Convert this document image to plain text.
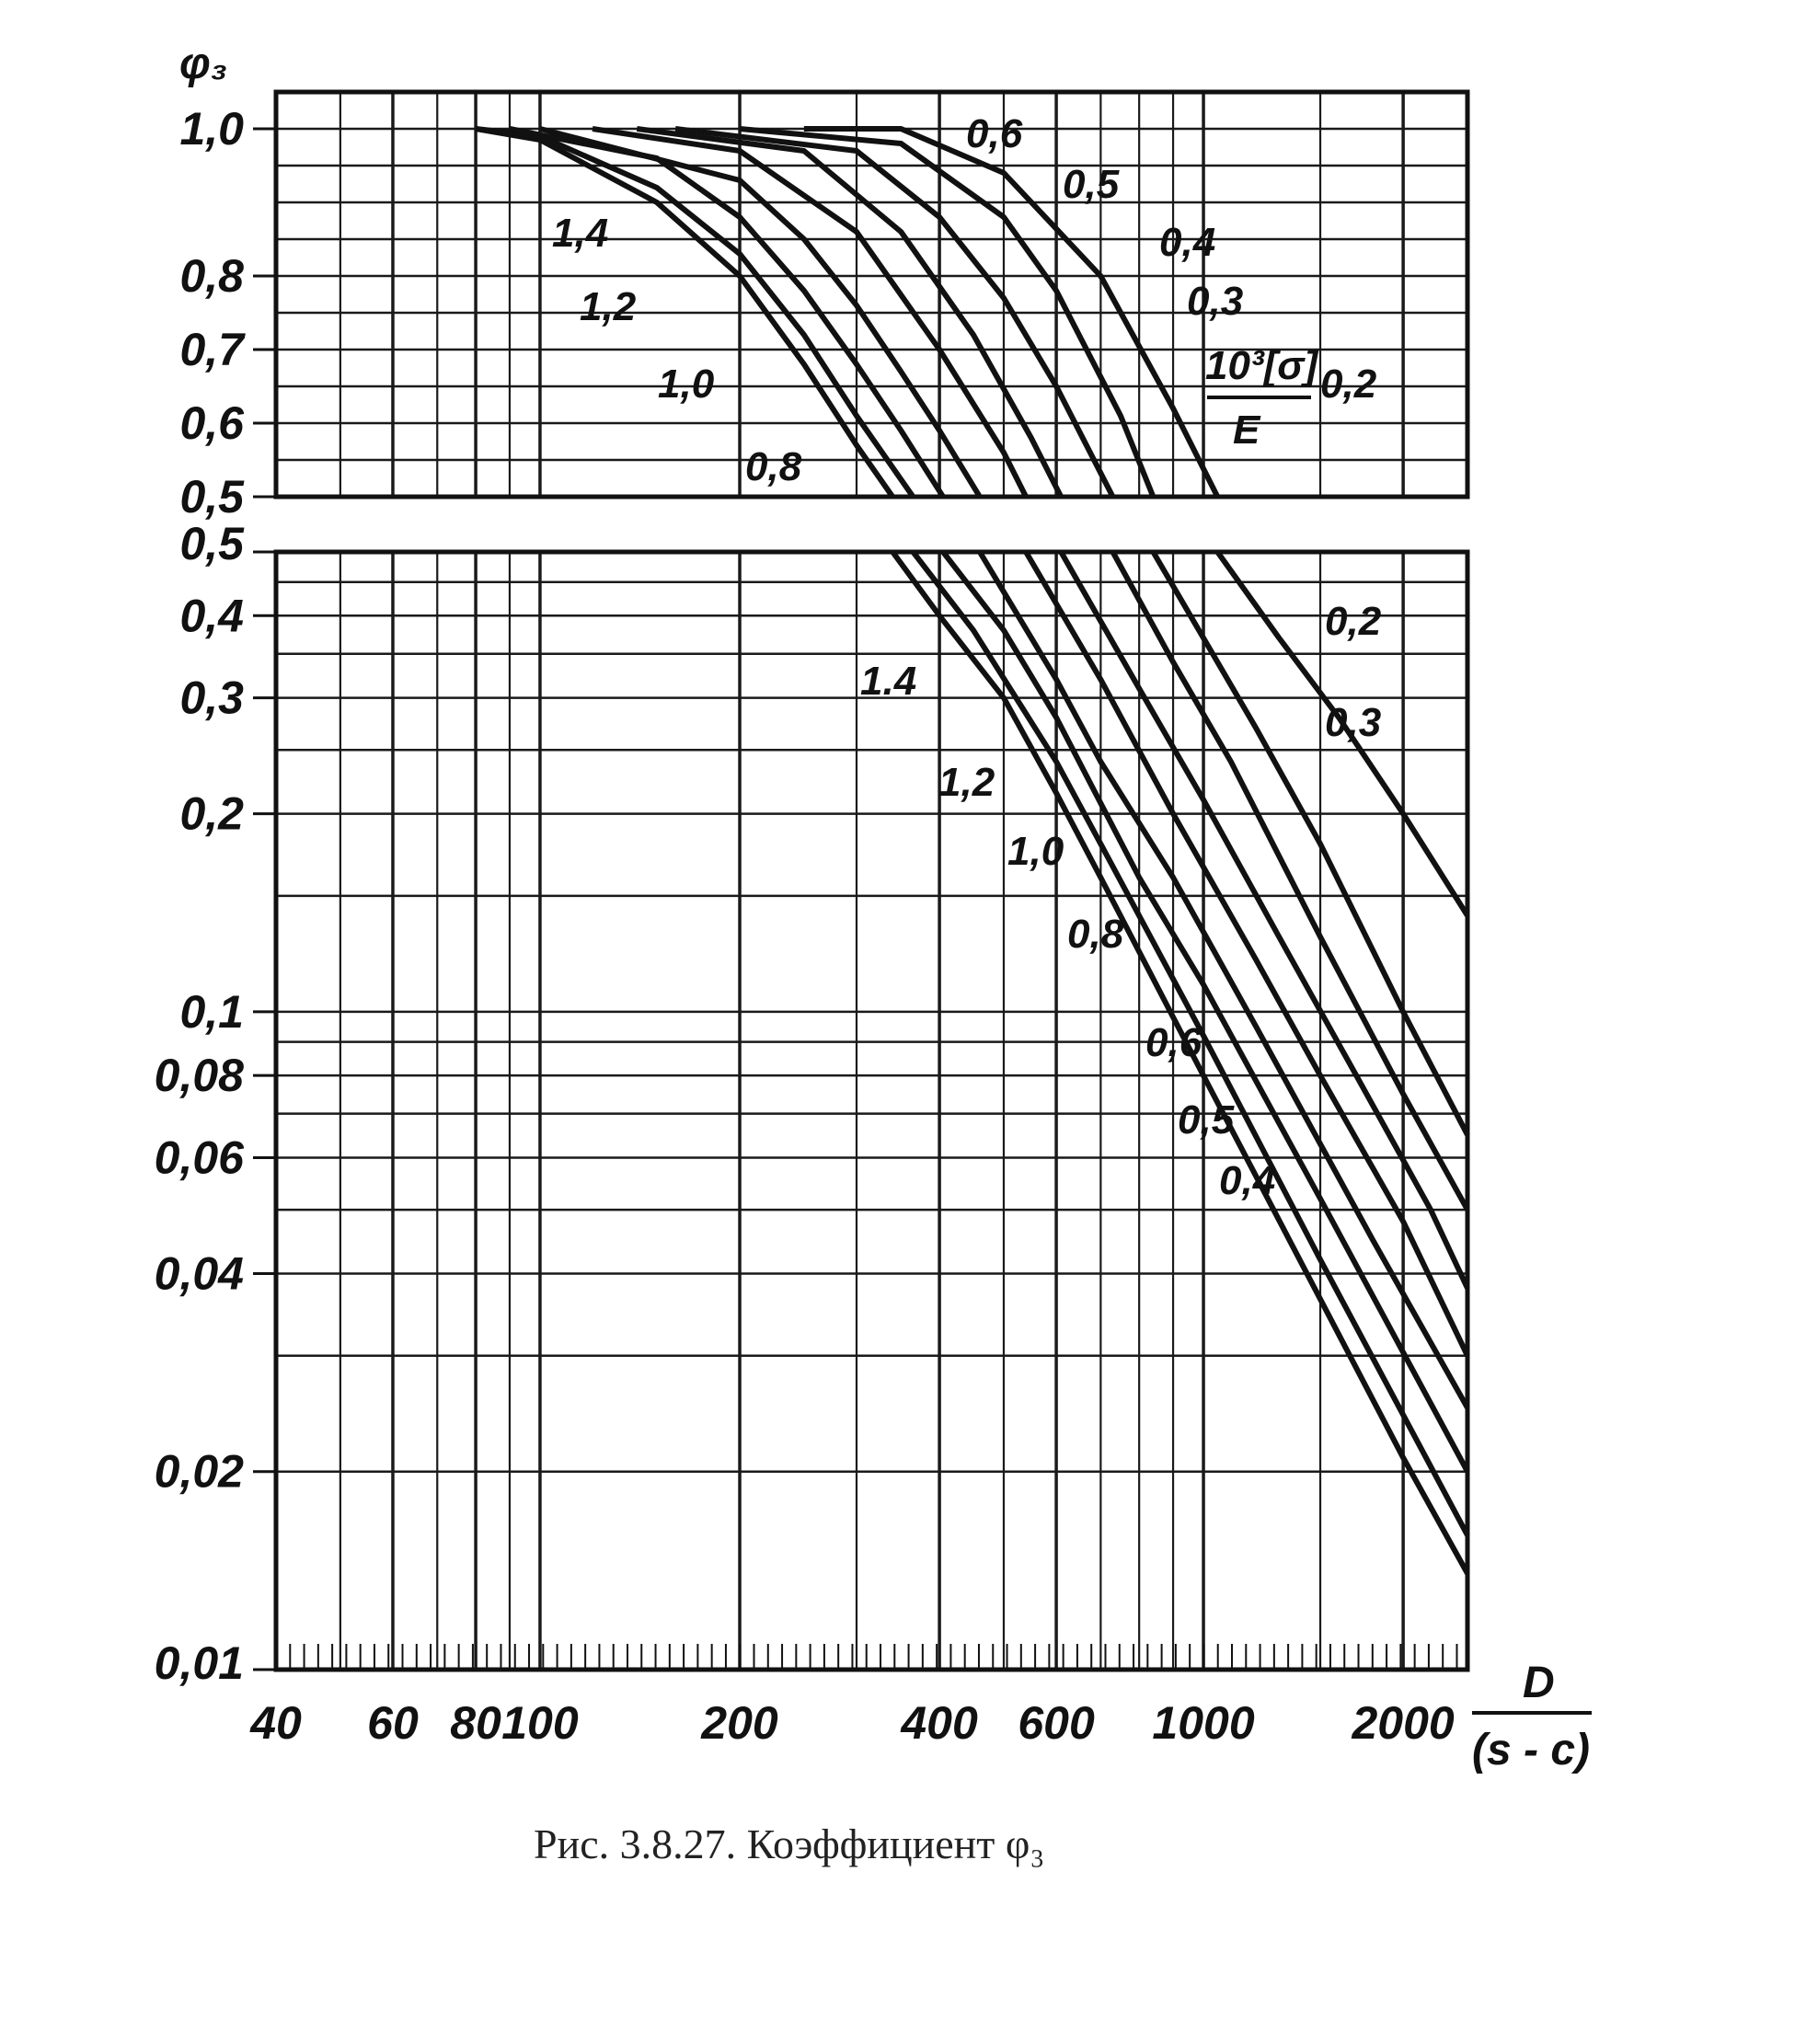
0,5
0,6
0,7
0,8
1,0
0,01
0,02
0,04
0,06
0,08
0,1
0,2
0,3
0,4
0,5
40 60 80 100	200	400 600 1000 2000
1,4
1.4
1,2
1,2
1,0
1,0
0,8
0,8
0,6
0,6
0,5
0,5
0,4
0,4
0,3
0,3
0,2
0,2
φ₃
D
(s - c)
10³[σ]
E
Рис. 3.8.27. Коэффициент φ₃
